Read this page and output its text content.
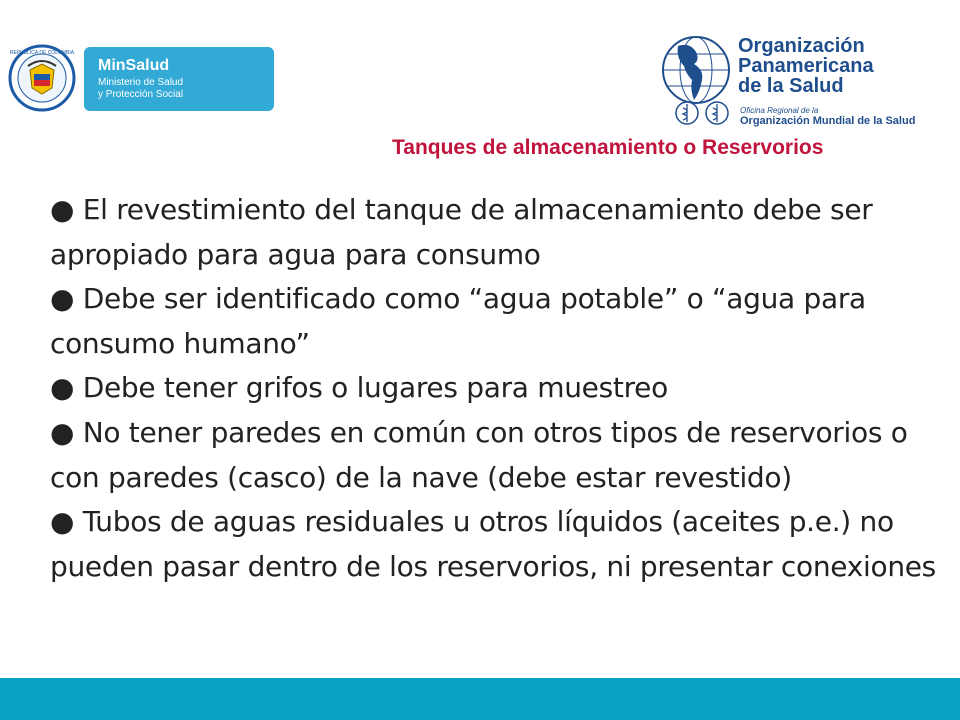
REPÚBLICA DE COLOMBIA
MinSalud
Ministerio de Salud
y Protección Social
Organización
Panamericana
de la Salud
Oficina Regional de la
Organización Mundial de la Salud
Tanques de almacenamiento o Reservorios

● El revestimiento del tanque de almacenamiento debe ser apropiado para agua para consumo

● Debe ser identificado como “agua potable” o “agua para consumo humano”

● Debe tener grifos o lugares para muestreo

● No tener paredes en común con otros tipos de reservorios o con paredes (casco) de la nave (debe estar revestido)

● Tubos de aguas residuales u otros líquidos (aceites p.e.) no pueden pasar dentro de los reservorios, ni presentar conexiones
